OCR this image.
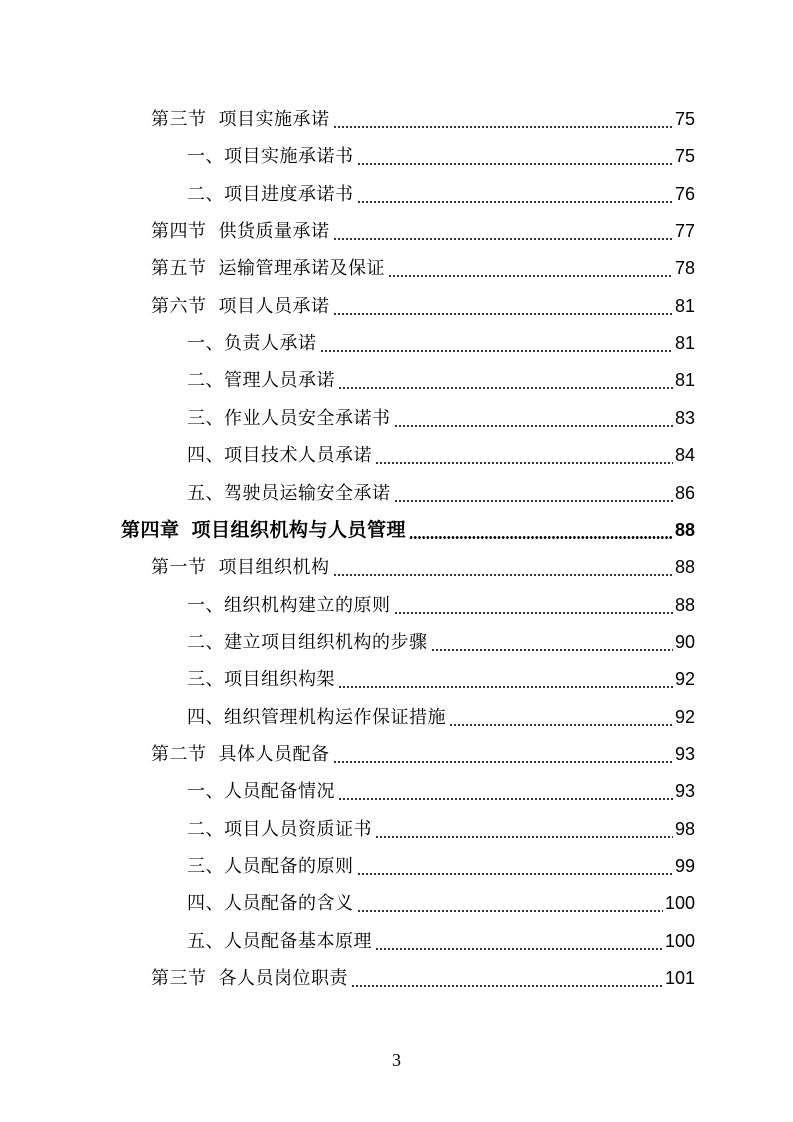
第三节 项目实施承诺	75
一、项目实施承诺书	75
二、项目进度承诺书	76
第四节 供货质量承诺	77
第五节 运输管理承诺及保证	78
第六节 项目人员承诺	81
一、负责人承诺	81
二、管理人员承诺	81
三、作业人员安全承诺书	83
四、项目技术人员承诺	84
五、驾驶员运输安全承诺	86
第四章 项目组织机构与人员管理	88
第一节 项目组织机构	88
一、组织机构建立的原则	88
二、建立项目组织机构的步骤	90
三、项目组织构架	92
四、组织管理机构运作保证措施	92
第二节 具体人员配备	93
一、人员配备情况	93
二、项目人员资质证书	98
三、人员配备的原则	99
四、人员配备的含义	100
五、人员配备基本原理	100
第三节 各人员岗位职责	101
3
